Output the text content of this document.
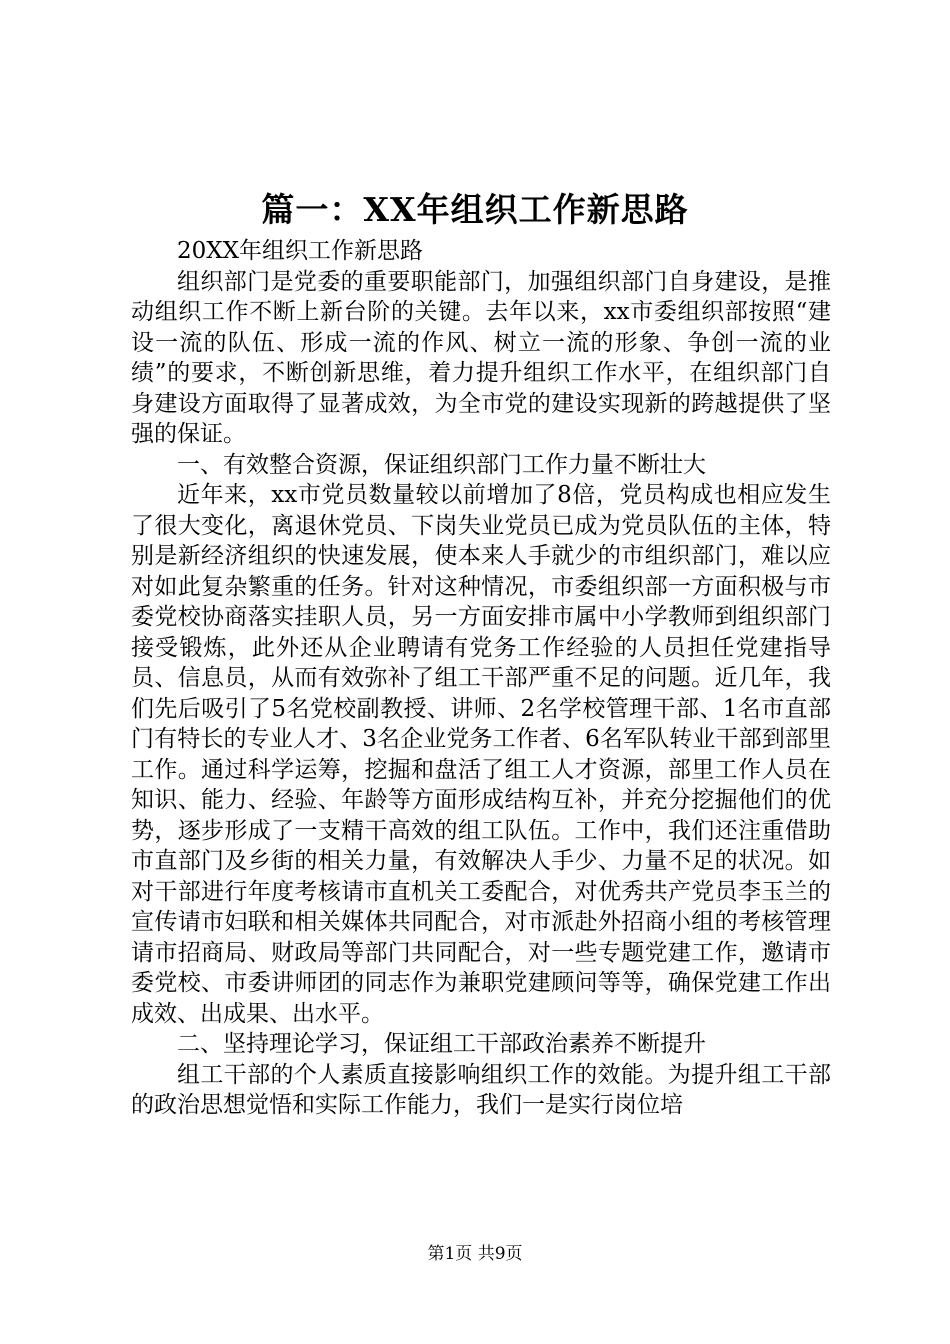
篇一：XX年组织工作新思路

20XX年组织工作新思路

组织部门是党委的重要职能部门，加强组织部门自身建设，是推动组织工作不断上新台阶的关键。去年以来，xx市委组织部按照“建设一流的队伍、形成一流的作风、树立一流的形象、争创一流的业绩”的要求，不断创新思维，着力提升组织工作水平，在组织部门自身建设方面取得了显著成效，为全市党的建设实现新的跨越提供了坚强的保证。

一、有效整合资源，保证组织部门工作力量不断壮大

近年来，xx市党员数量较以前增加了8倍，党员构成也相应发生了很大变化，离退休党员、下岗失业党员已成为党员队伍的主体，特别是新经济组织的快速发展，使本来人手就少的市组织部门，难以应对如此复杂繁重的任务。针对这种情况，市委组织部一方面积极与市委党校协商落实挂职人员，另一方面安排市属中小学教师到组织部门接受锻炼，此外还从企业聘请有党务工作经验的人员担任党建指导员、信息员，从而有效弥补了组工干部严重不足的问题。近几年，我们先后吸引了5名党校副教授、讲师、2名学校管理干部、1名市直部门有特长的专业人才、3名企业党务工作者、6名军队转业干部到部里工作。通过科学运筹，挖掘和盘活了组工人才资源，部里工作人员在知识、能力、经验、年龄等方面形成结构互补，并充分挖掘他们的优势，逐步形成了一支精干高效的组工队伍。工作中，我们还注重借助市直部门及乡街的相关力量，有效解决人手少、力量不足的状况。如对干部进行年度考核请市直机关工委配合，对优秀共产党员李玉兰的宣传请市妇联和相关媒体共同配合，对市派赴外招商小组的考核管理请市招商局、财政局等部门共同配合，对一些专题党建工作，邀请市委党校、市委讲师团的同志作为兼职党建顾问等等，确保党建工作出成效、出成果、出水平。

二、坚持理论学习，保证组工干部政治素养不断提升

组工干部的个人素质直接影响组织工作的效能。为提升组工干部的政治思想觉悟和实际工作能力，我们一是实行岗位培

第1页 共9页
